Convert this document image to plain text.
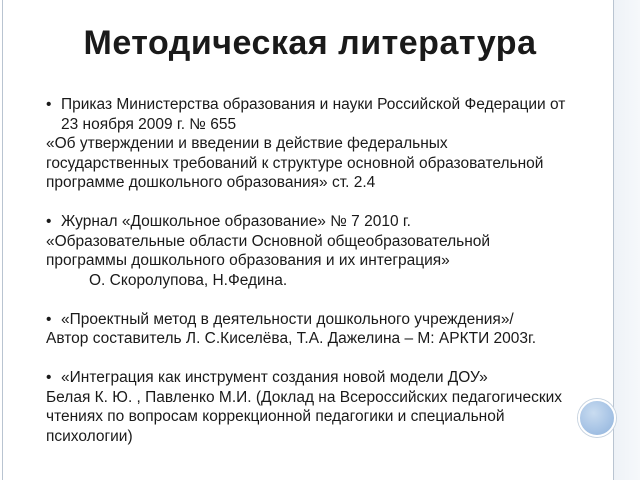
Методическая литература
• Приказ Министерства образования и науки Российской Федерации от
23 ноября 2009 г. № 655
«Об утверждении и введении в действие федеральных
государственных требований к структуре основной образовательной
программе дошкольного образования» ст. 2.4
• Журнал «Дошкольное образование» № 7 2010 г.
«Образовательные области Основной общеобразовательной
программы дошкольного образования и их интеграция»
О. Скоролупова, Н.Федина.
• «Проектный метод в деятельности дошкольного учреждения»/
Автор составитель Л. С.Киселёва, Т.А. Дажелина – М: АРКТИ 2003г.
• «Интеграция как инструмент создания новой модели ДОУ»
Белая К. Ю. , Павленко М.И. (Доклад на Всероссийских педагогических
чтениях по вопросам коррекционной педагогики и специальной
психологии)
